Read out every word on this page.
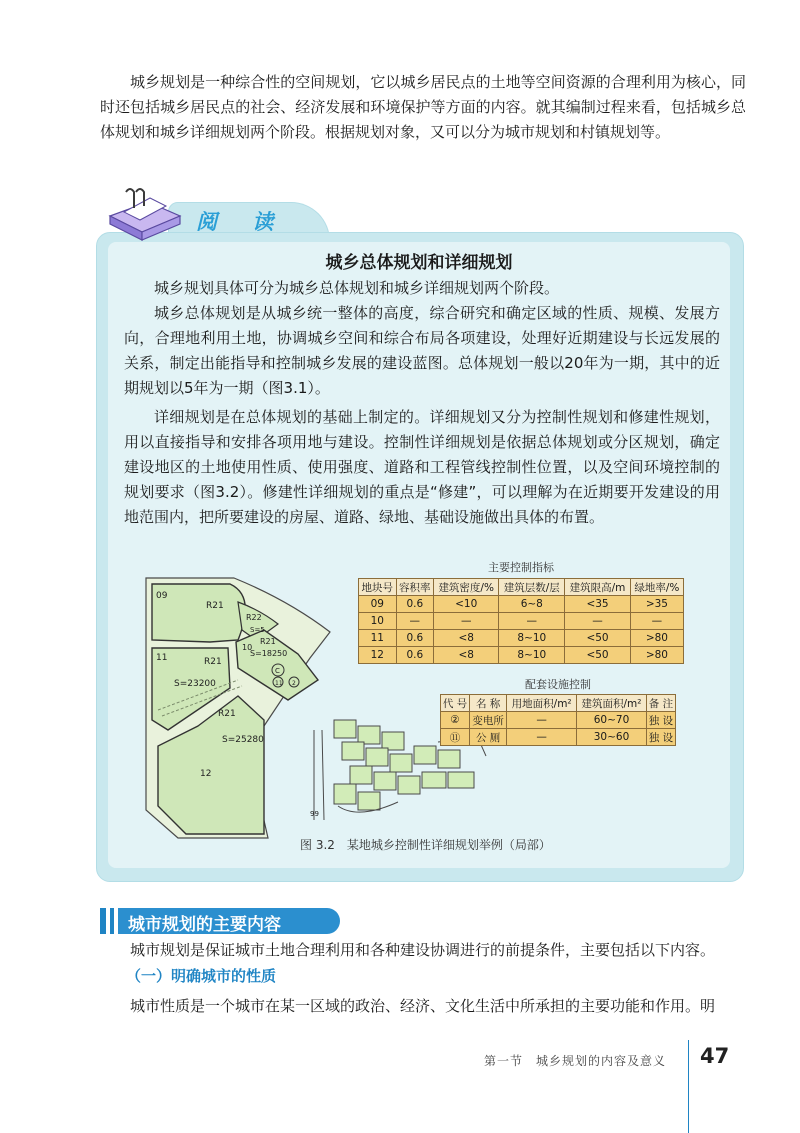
城乡规划是一种综合性的空间规划，它以城乡居民点的土地等空间资源的合理利用为核心，同时还包括城乡居民点的社会、经济发展和环境保护等方面的内容。就其编制过程来看，包括城乡总体规划和城乡详细规划两个阶段。根据规划对象，又可以分为城市规划和村镇规划等。

阅 读
城乡总体规划和详细规划

城乡规划具体可分为城乡总体规划和城乡详细规划两个阶段。

城乡总体规划是从城乡统一整体的高度，综合研究和确定区域的性质、规模、发展方向，合理地利用土地，协调城乡空间和综合布局各项建设，处理好近期建设与长远发展的关系，制定出能指导和控制城乡发展的建设蓝图。总体规划一般以20年为一期，其中的近期规划以5年为一期（图3.1）。

详细规划是在总体规划的基础上制定的。详细规划又分为控制性规划和修建性规划，用以直接指导和安排各项用地与建设。控制性详细规划是依据总体规划或分区规划，确定建设地区的土地使用性质、使用强度、道路和工程管线控制性位置，以及空间环境控制的规划要求（图3.2）。修建性详细规划的重点是“修建”，可以理解为在近期要开发建设的用地范围内，把所要建设的房屋、道路、绿地、基础设施做出具体的布置。

09
R21
R22
S=5
10
R21
S=18250
C
11 2
11	R21
S=23200
R21
S=25280
12
99
主要控制指标
地块号	容积率	建筑密度/%	建筑层数/层	建筑限高/m	绿地率/%
09	0.6	<10	6~8	<35	>35
10	—	—	—	—	—
11	0.6	<8	8~10	<50	>80
12	0.6	<8	8~10	<50	>80
配套设施控制
代 号	名 称	用地面积/m²	建筑面积/m²	备 注
②	变电所	—	60~70	独 设
⑪	公 厕	—	30~60	独 设
图 3.2　某地城乡控制性详细规划举例（局部）
城市规划的主要内容

城市规划是保证城市土地合理利用和各种建设协调进行的前提条件，主要包括以下内容。

（一）明确城市的性质

城市性质是一个城市在某一区域的政治、经济、文化生活中所承担的主要功能和作用。明

第一节　城乡规划的内容及意义 47
